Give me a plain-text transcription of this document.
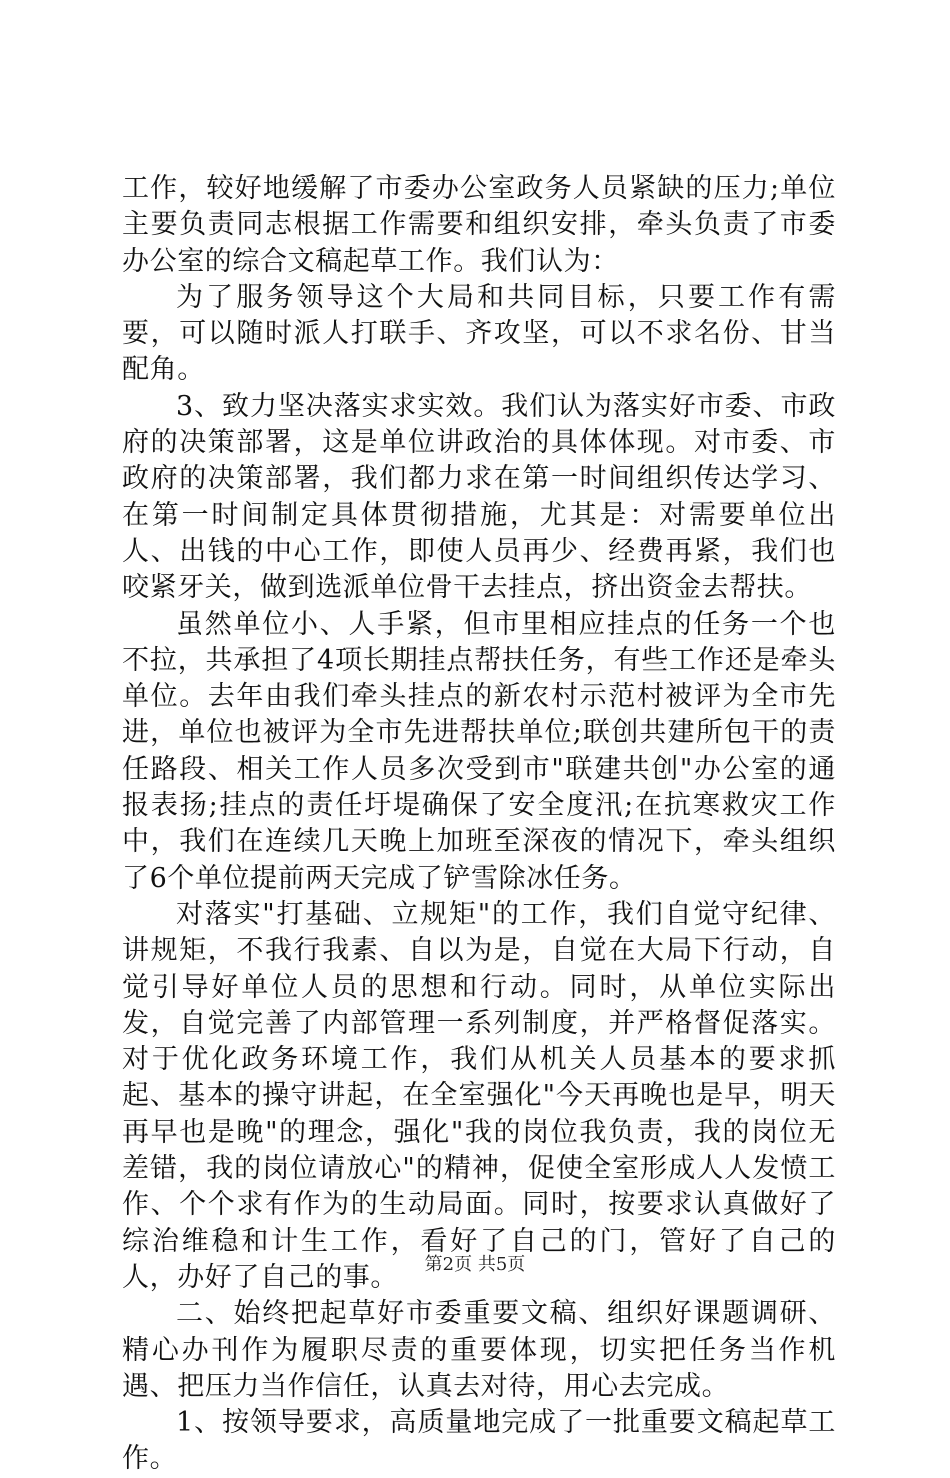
工作，较好地缓解了市委办公室政务人员紧缺的压力;单位主要负责同志根据工作需要和组织安排，牵头负责了市委办公室的综合文稿起草工作。我们认为：

为了服务领导这个大局和共同目标，只要工作有需要，可以随时派人打联手、齐攻坚，可以不求名份、甘当配角。

3、致力坚决落实求实效。我们认为落实好市委、市政府的决策部署，这是单位讲政治的具体体现。对市委、市政府的决策部署，我们都力求在第一时间组织传达学习、在第一时间制定具体贯彻措施，尤其是：对需要单位出人、出钱的中心工作，即使人员再少、经费再紧，我们也咬紧牙关，做到选派单位骨干去挂点，挤出资金去帮扶。

虽然单位小、人手紧，但市里相应挂点的任务一个也不拉，共承担了4项长期挂点帮扶任务，有些工作还是牵头单位。去年由我们牵头挂点的新农村示范村被评为全市先进，单位也被评为全市先进帮扶单位;联创共建所包干的责任路段、相关工作人员多次受到市"联建共创"办公室的通报表扬;挂点的责任圩堤确保了安全度汛;在抗寒救灾工作中，我们在连续几天晚上加班至深夜的情况下，牵头组织了6个单位提前两天完成了铲雪除冰任务。

对落实"打基础、立规矩"的工作，我们自觉守纪律、讲规矩，不我行我素、自以为是，自觉在大局下行动，自觉引导好单位人员的思想和行动。同时，从单位实际出发，自觉完善了内部管理一系列制度，并严格督促落实。对于优化政务环境工作，我们从机关人员基本的要求抓起、基本的操守讲起，在全室强化"今天再晚也是早，明天再早也是晚"的理念，强化"我的岗位我负责，我的岗位无差错，我的岗位请放心"的精神，促使全室形成人人发愤工作、个个求有作为的生动局面。同时，按要求认真做好了综治维稳和计生工作，看好了自己的门，管好了自己的人，办好了自己的事。

二、始终把起草好市委重要文稿、组织好课题调研、精心办刊作为履职尽责的重要体现，切实把任务当作机遇、把压力当作信任，认真去对待，用心去完成。

1、按领导要求，高质量地完成了一批重要文稿起草工作。

第2页 共5页
